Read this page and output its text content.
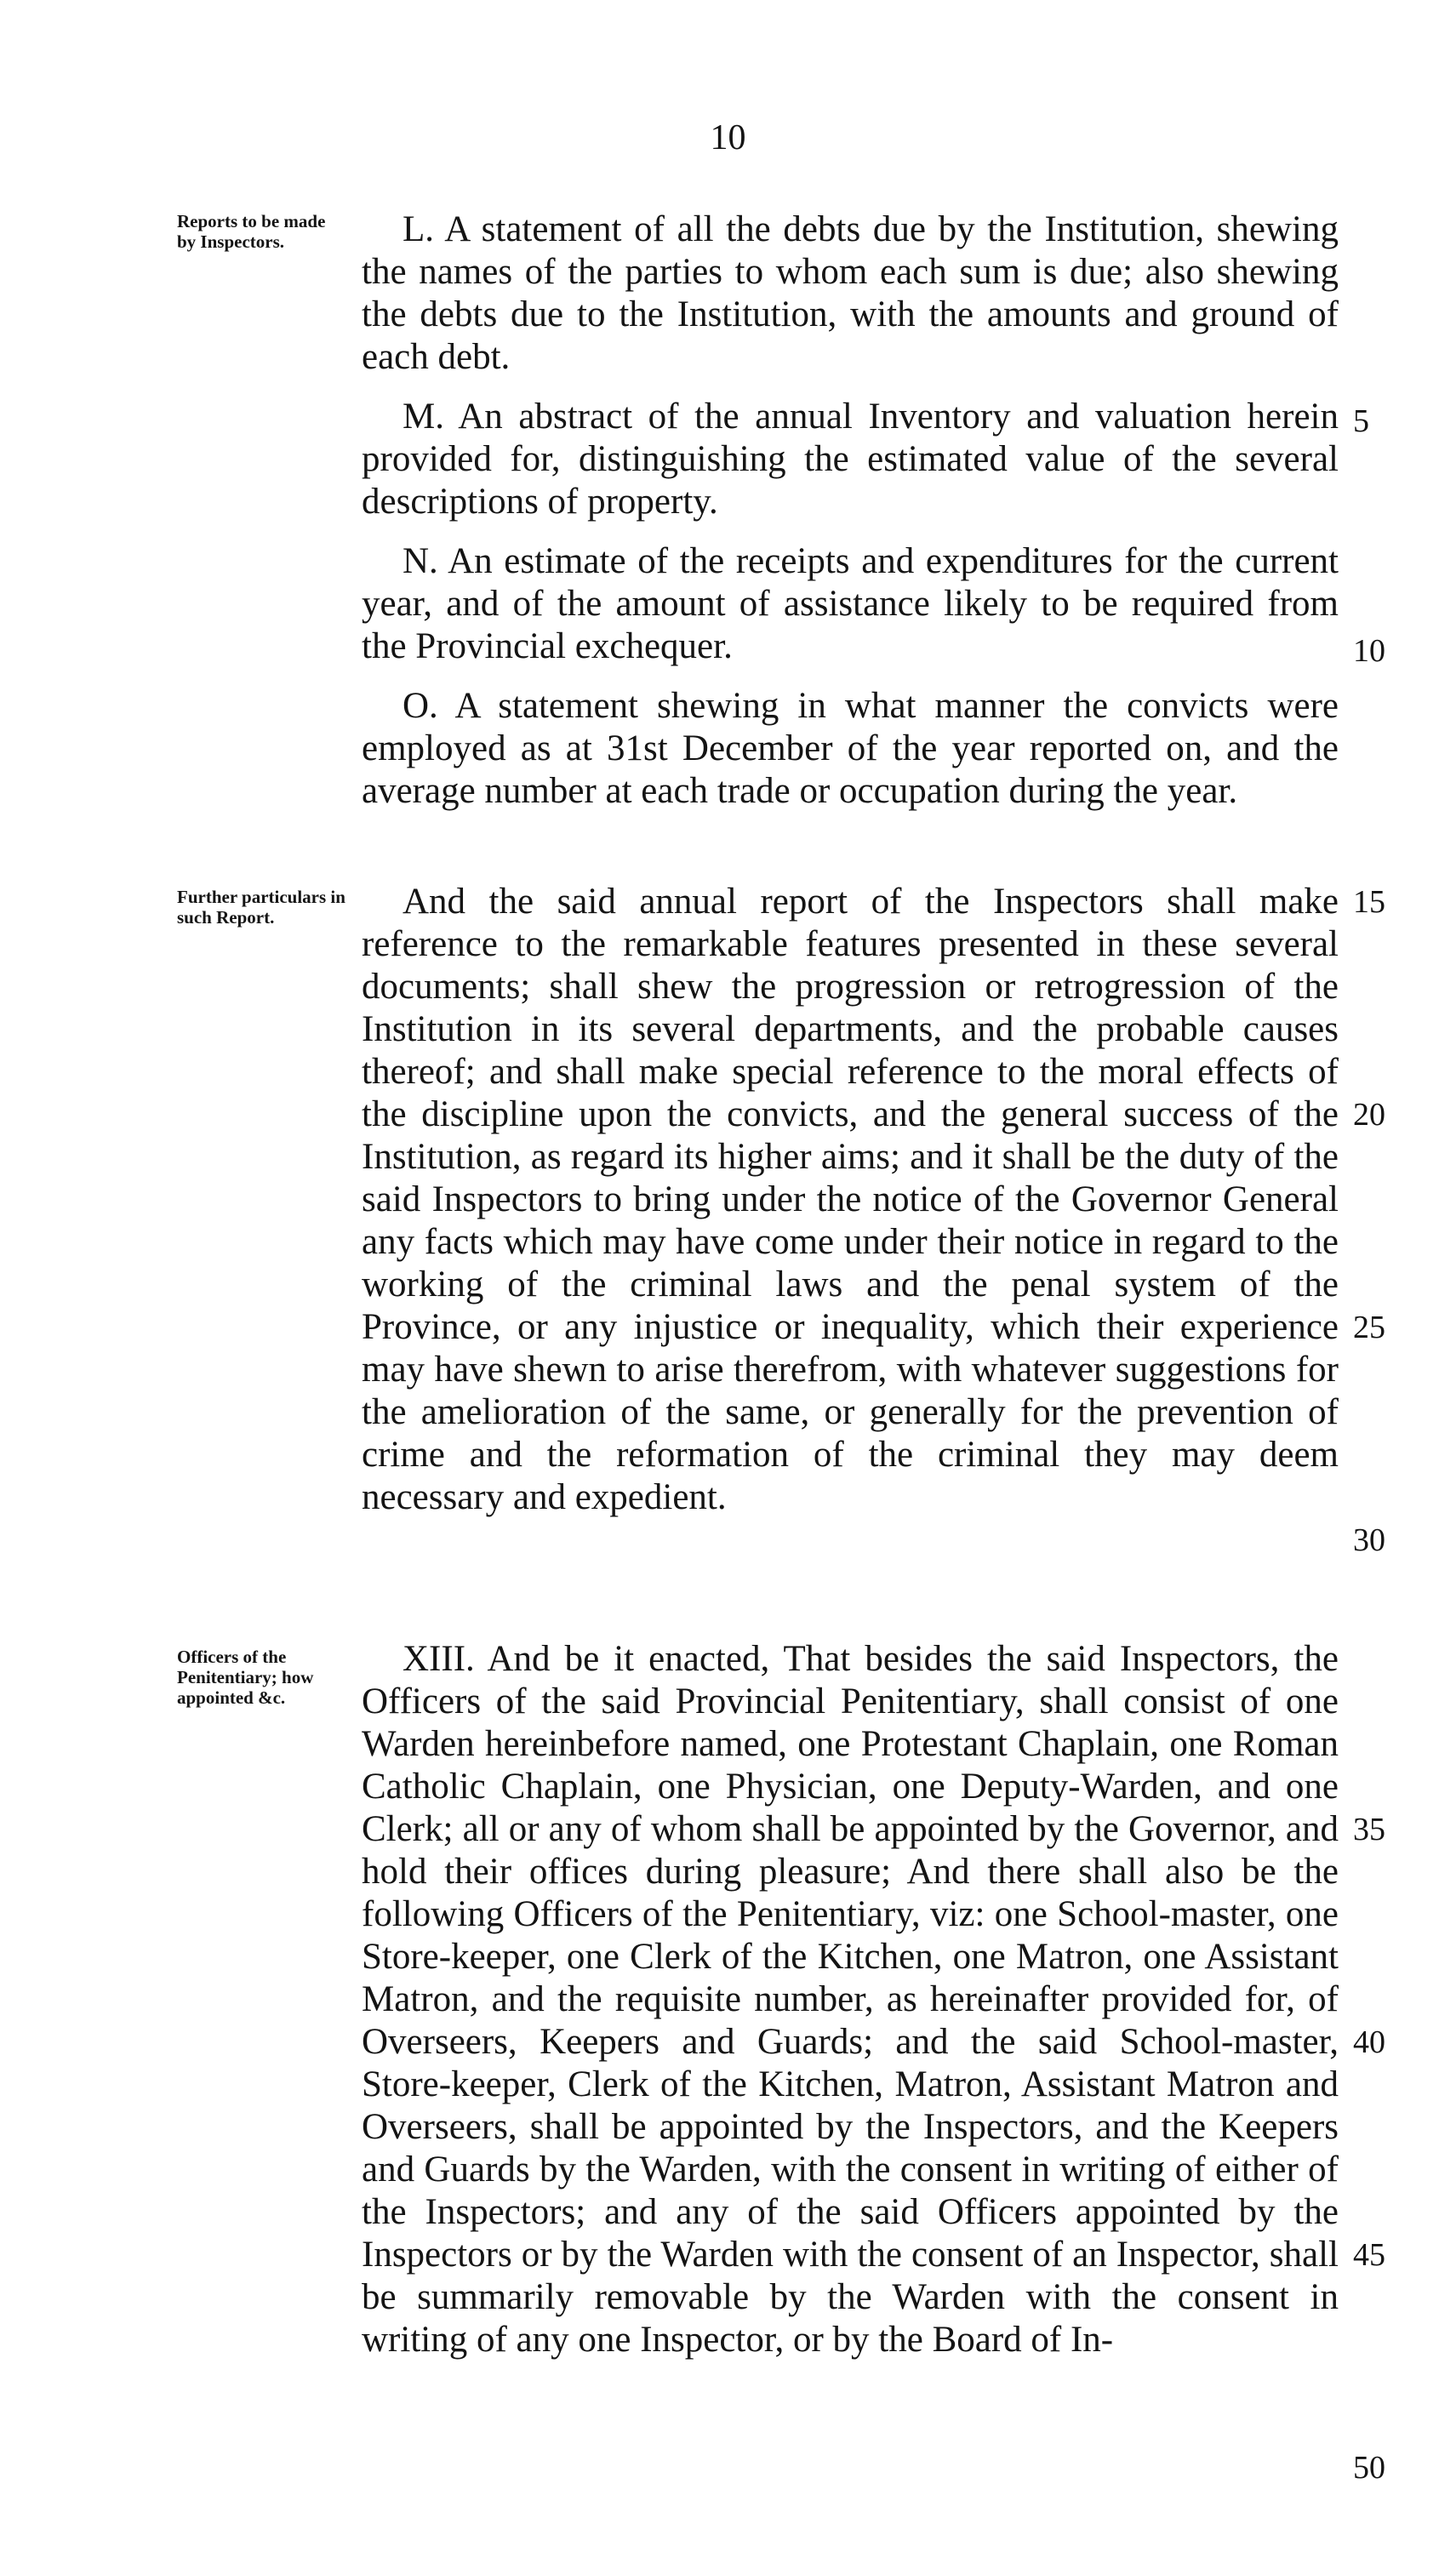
10
Reports to be made by Inspectors.
Further particulars in such Report.
Officers of the Penitentiary; how appointed &c.

L. A statement of all the debts due by the Institution, shewing the names of the parties to whom each sum is due; also shewing the debts due to the Institution, with the amounts and ground of each debt.

M. An abstract of the annual Inventory and valuation herein provided for, distinguishing the estimated value of the several descriptions of property.

N. An estimate of the receipts and expenditures for the current year, and of the amount of assistance likely to be required from the Provincial exchequer.

O. A statement shewing in what manner the convicts were employed as at 31st December of the year reported on, and the average number at each trade or occupation during the year.

And the said annual report of the Inspectors shall make reference to the remarkable features presented in these several documents; shall shew the progression or retrogression of the Institution in its several departments, and the probable causes thereof; and shall make special reference to the moral effects of the discipline upon the convicts, and the general success of the Institution, as regard its higher aims; and it shall be the duty of the said Inspectors to bring under the notice of the Governor General any facts which may have come under their notice in regard to the working of the criminal laws and the penal system of the Province, or any injustice or inequality, which their experience may have shewn to arise therefrom, with whatever suggestions for the amelioration of the same, or generally for the prevention of crime and the reformation of the criminal they may deem necessary and expedient.

XIII. And be it enacted, That besides the said Inspectors, the Officers of the said Provincial Penitentiary, shall consist of one Warden hereinbefore named, one Protestant Chaplain, one Roman Catholic Chaplain, one Physician, one Deputy-Warden, and one Clerk; all or any of whom shall be appointed by the Governor, and hold their offices during pleasure; And there shall also be the following Officers of the Penitentiary, viz: one School-master, one Store-keeper, one Clerk of the Kitchen, one Matron, one Assistant Matron, and the requisite number, as hereinafter provided for, of Overseers, Keepers and Guards; and the said School-master, Store-keeper, Clerk of the Kitchen, Matron, Assistant Matron and Overseers, shall be appointed by the Inspectors, and the Keepers and Guards by the Warden, with the consent in writing of either of the Inspectors; and any of the said Officers appointed by the Inspectors or by the Warden with the consent of an Inspector, shall be summarily removable by the Warden with the consent in writing of any one Inspector, or by the Board of In-

5
10
15
20
25
30
35
40
45
50
